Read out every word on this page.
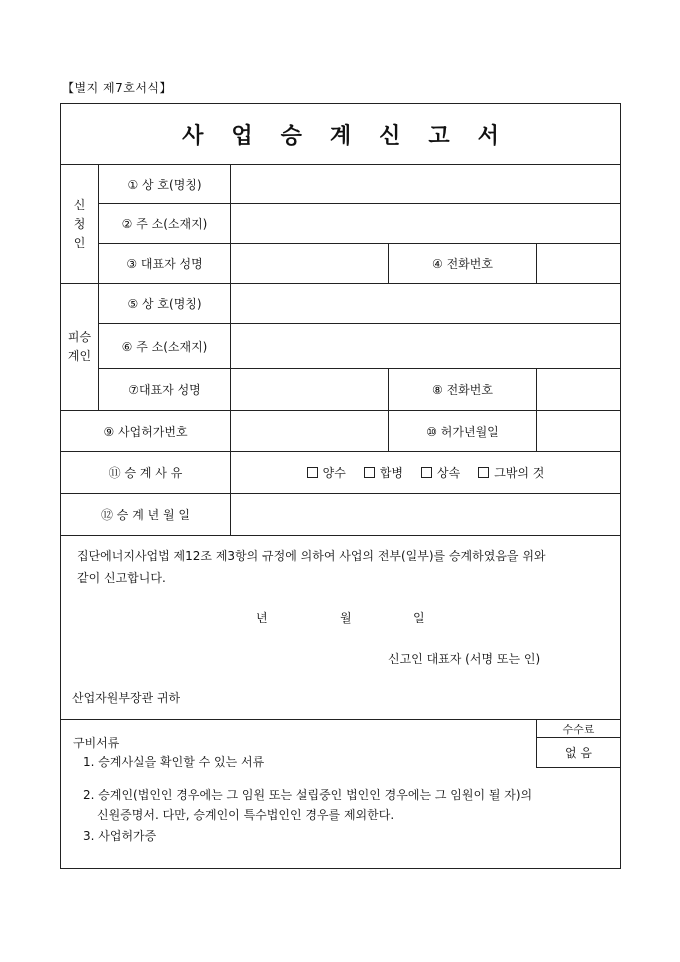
【별지 제7호서식】
사업승계신고서
신
청
인
① 상 호(명칭)
② 주 소(소재지)
③ 대표자 성명	④ 전화번호
피승
계인
⑤ 상 호(명칭)
⑥ 주 소(소재지)
⑦대표자 성명	⑧ 전화번호
⑨ 사업허가번호	⑩ 허가년월일
⑪ 승 계 사 유	양수	합병	상속	그밖의 것
⑫ 승 계 년 월 일
집단에너지사업법 제12조 제3항의 규정에 의하여 사업의 전부(일부)를 승계하였음을 위와
같이 신고합니다.
년	월	일
신고인 대표자 (서명 또는 인)
산업자원부장관 귀하
구비서류
1. 승계사실을 확인할 수 있는 서류
2. 승계인(법인인 경우에는 그 임원 또는 설립중인 법인인 경우에는 그 임원이 될 자)의
신원증명서. 다만, 승계인이 특수법인인 경우를 제외한다.
3. 사업허가증
수수료
없 음
